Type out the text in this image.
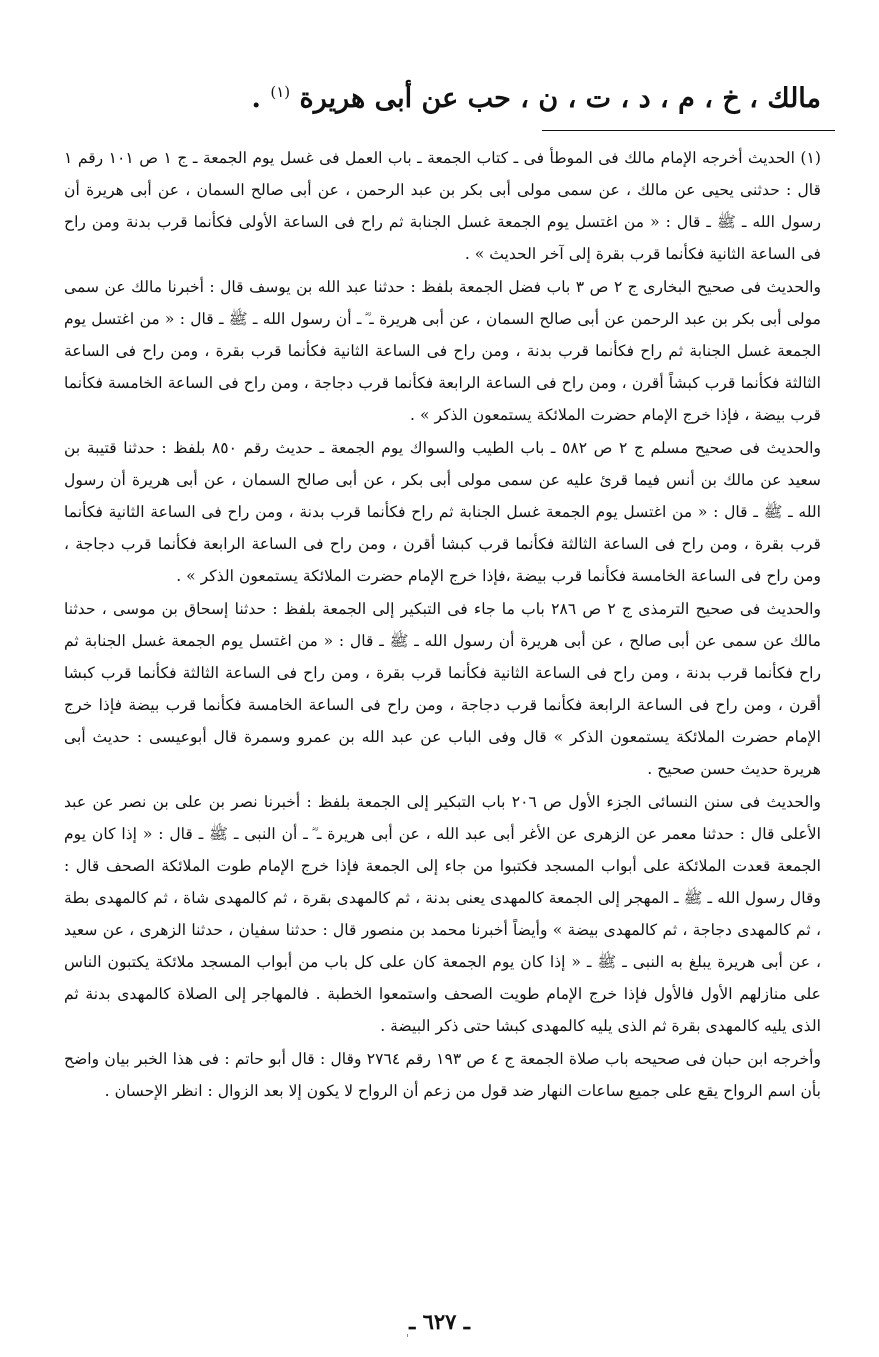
مالك ، خ ، م ، د ، ت ، ن ، حب عن أبى هريرة $^{(١)}$ .

(١) الحديث أخرجه الإمام مالك فى الموطأ فى ـ كتاب الجمعة ـ باب العمل فى غسل يوم الجمعة ـ ج ١ ص ١٠١ رقم ١ قال : حدثنى يحيى عن مالك ، عن سمى مولى أبى بكر بن عبد الرحمن ، عن أبى صالح السمان ، عن أبى هريرة أن رسول الله ـ ﷺ ـ قال : « من اغتسل يوم الجمعة غسل الجنابة ثم راح فى الساعة الأولى فكأنما قرب بدنة ومن راح فى الساعة الثانية فكأنما قرب بقرة إلى آخر الحديث » .

والحديث فى صحيح البخارى ج ٢ ص ٣ باب فضل الجمعة بلفظ : حدثنا عبد الله بن يوسف قال : أخبرنا مالك عن سمى مولى أبى بكر بن عبد الرحمن عن أبى صالح السمان ، عن أبى هريرة ـ ؓ ـ أن رسول الله ـ ﷺ ـ قال : « من اغتسل يوم الجمعة غسل الجنابة ثم راح فكأنما قرب بدنة ، ومن راح فى الساعة الثانية فكأنما قرب بقرة ، ومن راح فى الساعة الثالثة فكأنما قرب كبشاً أقرن ، ومن راح فى الساعة الرابعة فكأنما قرب دجاجة ، ومن راح فى الساعة الخامسة فكأنما قرب بيضة ، فإذا خرج الإمام حضرت الملائكة يستمعون الذكر » .

والحديث فى صحيح مسلم ج ٢ ص ٥٨٢ ـ باب الطيب والسواك يوم الجمعة ـ حديث رقم ٨٥٠ بلفظ : حدثنا قتيبة بن سعيد عن مالك بن أنس فيما قرئ عليه عن سمى مولى أبى بكر ، عن أبى صالح السمان ، عن أبى هريرة أن رسول الله ـ ﷺ ـ قال : « من اغتسل يوم الجمعة غسل الجنابة ثم راح فكأنما قرب بدنة ، ومن راح فى الساعة الثانية فكأنما قرب بقرة ، ومن راح فى الساعة الثالثة فكأنما قرب كبشا أقرن ، ومن راح فى الساعة الرابعة فكأنما قرب دجاجة ، ومن راح فى الساعة الخامسة فكأنما قرب بيضة ،فإذا خرج الإمام حضرت الملائكة يستمعون الذكر » .

والحديث فى صحيح الترمذى ج ٢ ص ٢٨٦ باب ما جاء فى التبكير إلى الجمعة بلفظ : حدثنا إسحاق بن موسى ، حدثنا مالك عن سمى عن أبى صالح ، عن أبى هريرة أن رسول الله ـ ﷺ ـ قال : « من اغتسل يوم الجمعة غسل الجنابة ثم راح فكأنما قرب بدنة ، ومن راح فى الساعة الثانية فكأنما قرب بقرة ، ومن راح فى الساعة الثالثة فكأنما قرب كبشا أقرن ، ومن راح فى الساعة الرابعة فكأنما قرب دجاجة ، ومن راح فى الساعة الخامسة فكأنما قرب بيضة فإذا خرج الإمام حضرت الملائكة يستمعون الذكر » قال وفى الباب عن عبد الله بن عمرو وسمرة قال أبوعيسى : حديث أبى هريرة حديث حسن صحيح .

والحديث فى سنن النسائى الجزء الأول ص ٢٠٦ باب التبكير إلى الجمعة بلفظ : أخبرنا نصر بن على بن نصر عن عبد الأعلى قال : حدثنا معمر عن الزهرى عن الأغر أبى عبد الله ، عن أبى هريرة ـ ؓ ـ أن النبى ـ ﷺ ـ قال : « إذا كان يوم الجمعة قعدت الملائكة على أبواب المسجد فكتبوا من جاء إلى الجمعة فإذا خرج الإمام طوت الملائكة الصحف قال : وقال رسول الله ـ ﷺ ـ المهجر إلى الجمعة كالمهدى يعنى بدنة ، ثم كالمهدى بقرة ، ثم كالمهدى شاة ، ثم كالمهدى بطة ، ثم كالمهدى دجاجة ، ثم كالمهدى بيضة » وأيضاً أخبرنا محمد بن منصور قال : حدثنا سفيان ، حدثنا الزهرى ، عن سعيد ، عن أبى هريرة يبلغ به النبى ـ ﷺ ـ « إذا كان يوم الجمعة كان على كل باب من أبواب المسجد ملائكة يكتبون الناس على منازلهم الأول فالأول فإذا خرج الإمام طويت الصحف واستمعوا الخطبة . فالمهاجر إلى الصلاة كالمهدى بدنة ثم الذى يليه كالمهدى بقرة ثم الذى يليه كالمهدى كبشا حتى ذكر البيضة .

وأخرجه ابن حبان فى صحيحه باب صلاة الجمعة ج ٤ ص ١٩٣ رقم ٢٧٦٤ وقال : قال أبو حاتم : فى هذا الخبر بيان واضح بأن اسم الرواح يقع على جميع ساعات النهار ضد قول من زعم أن الرواح لا يكون إلا بعد الزوال : انظر الإحسان .

ـ ٦٢٧ ـ
